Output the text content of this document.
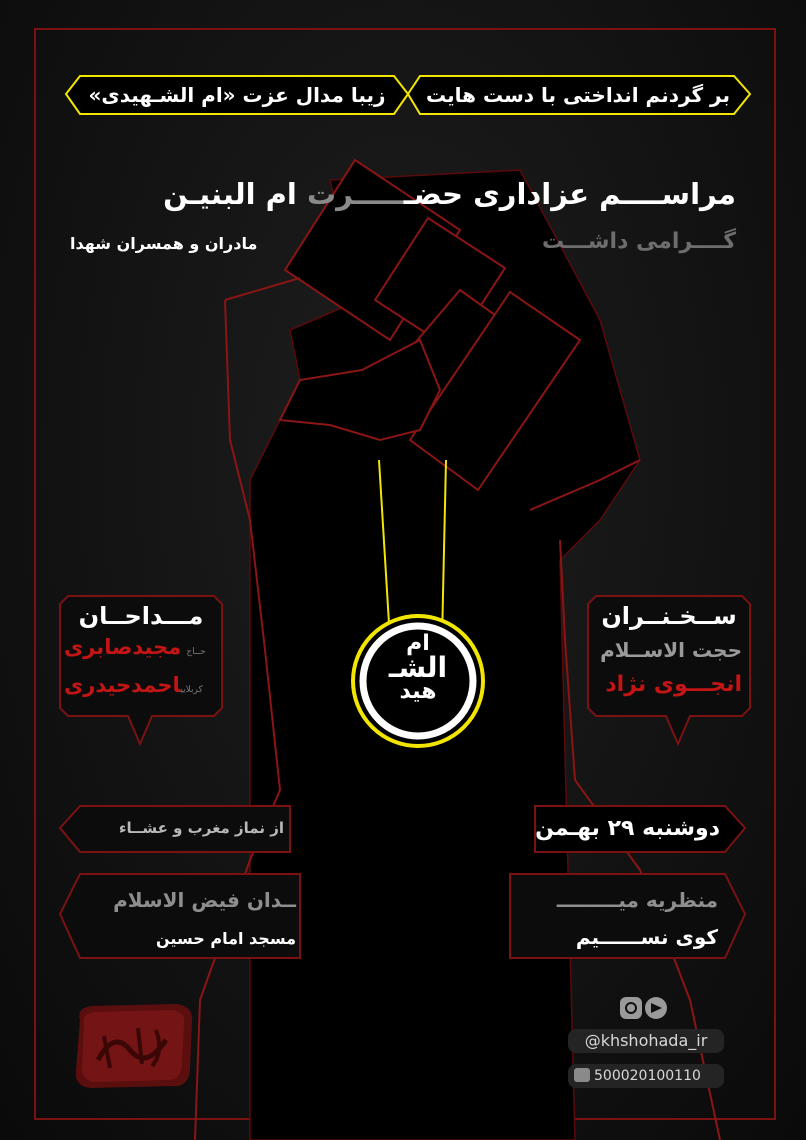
بر گردنم انداختی با دست هایت
زیبا مدال عزت «ام الشـهیدی»
مراســــم عزاداری حضــــــرت ام البنیـن
گــــرامی داشـــت
مادران و همسران شهدا
ام
الشـ
هید
ســخـنــران
حجت الاســلام
انجـــوی نژاد
مـــداحــان
حــاج مجیدصابری
کربلاییاحمدحیدری
دوشنبه ۲۹ بهـمن
از نماز مغرب و عشــاء
منظریه میـــــــــ
کوی نســــــیم
ــدان فیض الاسلام
مسجد امام حسین
@khshohada_ir
500020100110
